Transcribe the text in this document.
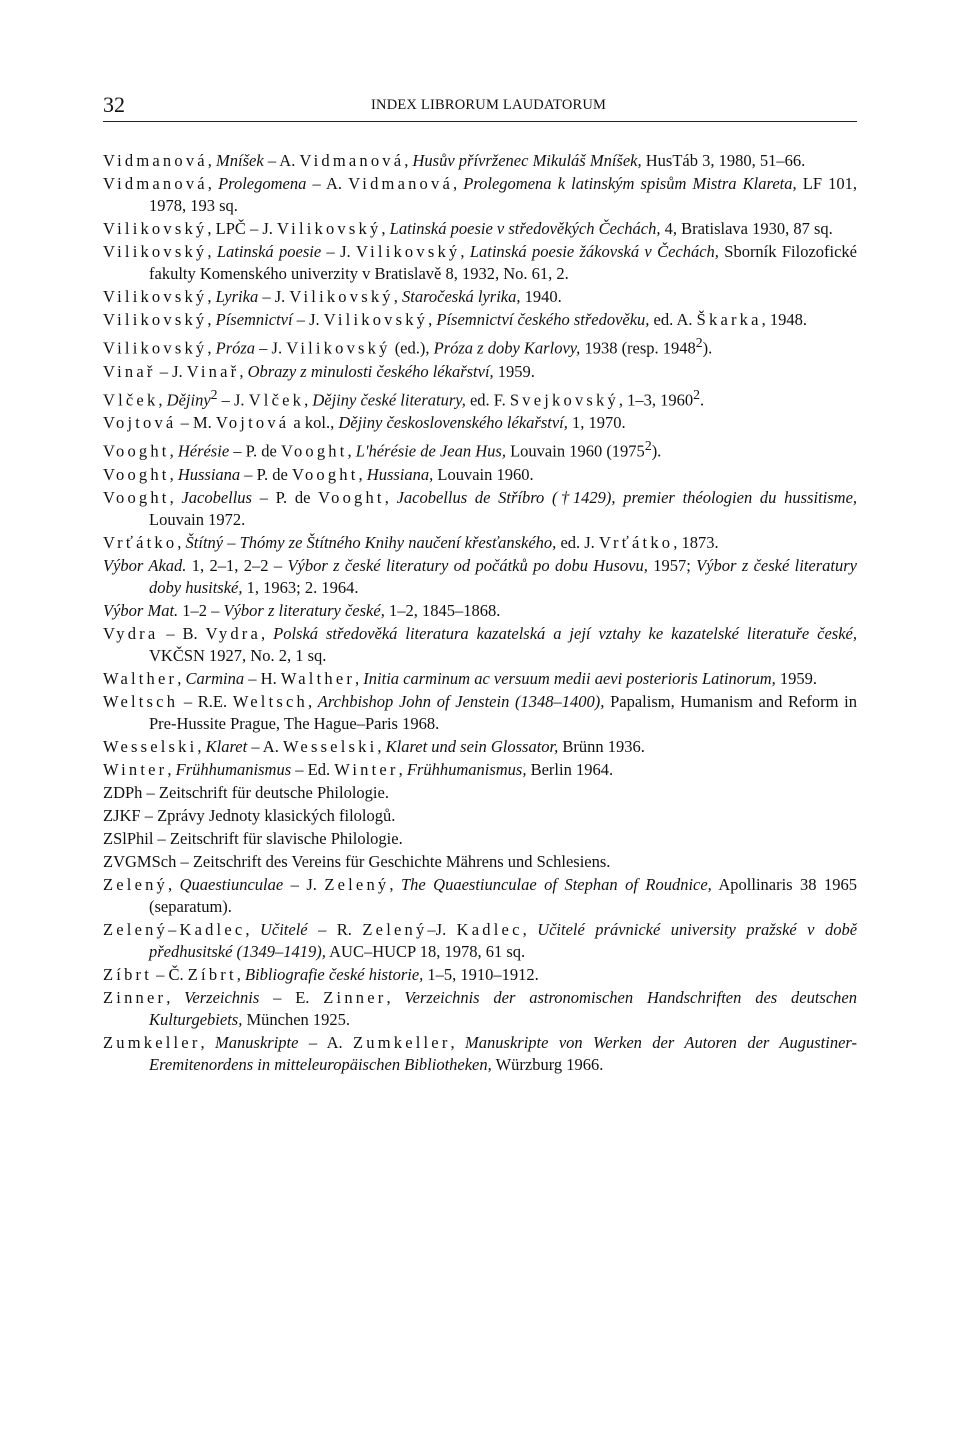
32	INDEX LIBRORUM LAUDATORUM
Vidmanová, Mníšek – A. Vidmanová, Husův přívrženec Mikuláš Mníšek, HusTáb 3, 1980, 51–66.
Vidmanová, Prolegomena – A. Vidmanová, Prolegomena k latinským spisům Mistra Klareta, LF 101, 1978, 193 sq.
Vilikovský, LPČ – J. Vilikovský, Latinská poesie v středověkých Čechách, 4, Bratislava 1930, 87 sq.
Vilikovský, Latinská poesie – J. Vilikovský, Latinská poesie žákovská v Čechách, Sborník Filozofické fakulty Komenského univerzity v Bratislavě 8, 1932, No. 61, 2.
Vilikovský, Lyrika – J. Vilikovský, Staročeská lyrika, 1940.
Vilikovský, Písemnictví – J. Vilikovský, Písemnictví českého středověku, ed. A. Škarka, 1948.
Vilikovský, Próza – J. Vilikovský (ed.), Próza z doby Karlovy, 1938 (resp. 1948$^2$).
Vinař – J. Vinař, Obrazy z minulosti českého lékařství, 1959.
Vlček, Dějiny$^2$ – J. Vlček, Dějiny české literatury, ed. F. Svejkovský, 1–3, 1960$^2$.
Vojtová – M. Vojtová a kol., Dějiny československého lékařství, 1, 1970.
Vooght, Hérésie – P. de Vooght, L'hérésie de Jean Hus, Louvain 1960 (1975$^2$).
Vooght, Hussiana – P. de Vooght, Hussiana, Louvain 1960.
Vooght, Jacobellus – P. de Vooght, Jacobellus de Stříbro (†1429), premier théologien du hussitisme, Louvain 1972.
Vrťátko, Štítný – Thómy ze Štítného Knihy naučení křesťanského, ed. J. Vrťátko, 1873.
Výbor Akad. 1, 2–1, 2–2 – Výbor z české literatury od počátků po dobu Husovu, 1957; Výbor z české literatury doby husitské, 1, 1963; 2. 1964.
Výbor Mat. 1–2 – Výbor z literatury české, 1–2, 1845–1868.
Vydra – B. Vydra, Polská středověká literatura kazatelská a její vztahy ke kazatelské literatuře české, VKČSN 1927, No. 2, 1 sq.
Walther, Carmina – H. Walther, Initia carminum ac versuum medii aevi posterioris Latinorum, 1959.
Weltsch – R.E. Weltsch, Archbishop John of Jenstein (1348–1400), Papalism, Humanism and Reform in Pre-Hussite Prague, The Hague–Paris 1968.
Wesselski, Klaret – A. Wesselski, Klaret und sein Glossator, Brünn 1936.
Winter, Frühhumanismus – Ed. Winter, Frühhumanismus, Berlin 1964.
ZDPh – Zeitschrift für deutsche Philologie.
ZJKF – Zprávy Jednoty klasických filologů.
ZSlPhil – Zeitschrift für slavische Philologie.
ZVGMSch – Zeitschrift des Vereins für Geschichte Mährens und Schlesiens.
Zelený, Quaestiunculae – J. Zelený, The Quaestiunculae of Stephan of Roudnice, Apollinaris 38 1965 (separatum).
Zelený–Kadlec, Učitelé – R. Zelený–J. Kadlec, Učitelé právnické university pražské v době předhusitské (1349–1419), AUC–HUCP 18, 1978, 61 sq.
Zíbrt – Č. Zíbrt, Bibliografie české historie, 1–5, 1910–1912.
Zinner, Verzeichnis – E. Zinner, Verzeichnis der astronomischen Handschriften des deutschen Kulturgebiets, München 1925.
Zumkeller, Manuskripte – A. Zumkeller, Manuskripte von Werken der Autoren der Augustiner-Eremitenordens in mitteleuropäischen Bibliotheken, Würzburg 1966.
